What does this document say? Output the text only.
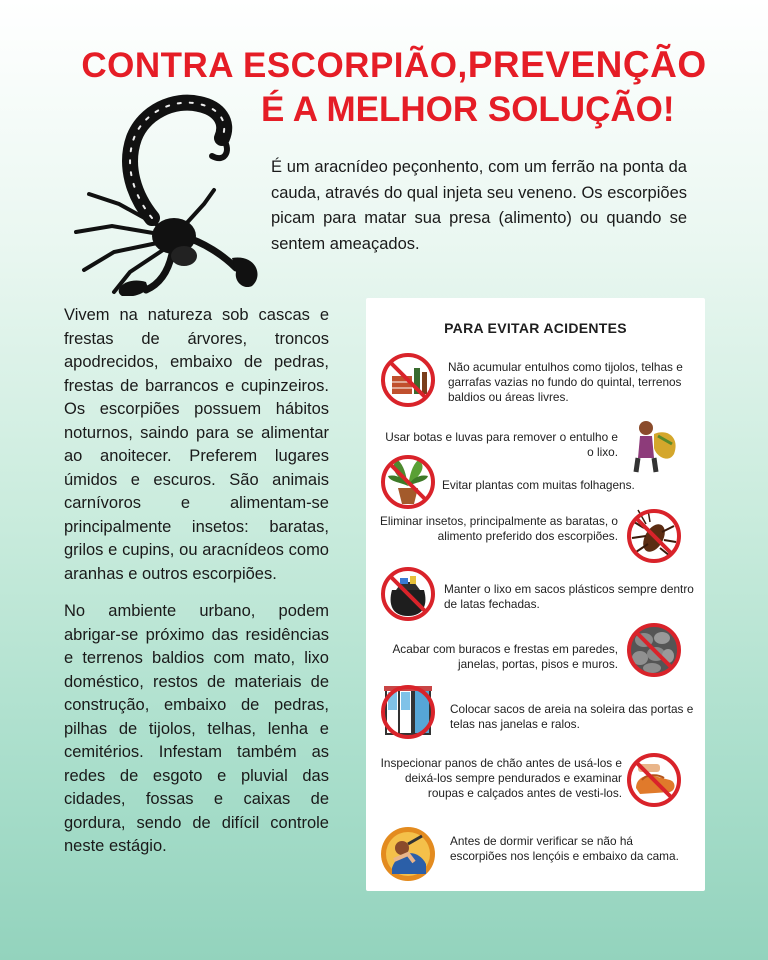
CONTRA ESCORPIÃO,PREVENÇÃO
É A MELHOR SOLUÇÃO!
É um aracnídeo peçonhento, com um ferrão na ponta da cauda, através do qual injeta seu veneno. Os escorpiões picam para matar sua presa (alimento) ou quando se sentem ameaçados.

Vivem na natureza sob cascas e frestas de árvores, troncos apodrecidos, embaixo de pedras, frestas de barrancos e cupinzeiros. Os escorpiões possuem hábitos noturnos, saindo para se alimentar ao anoitecer. Preferem lugares úmidos e escuros. São animais carnívoros e alimentam-se principalmente insetos: baratas, grilos e cupins, ou aracnídeos como aranhas e outros escorpiões.

No ambiente urbano, podem abrigar-se próximo das residências e terrenos baldios com mato, lixo doméstico, restos de materiais de construção, embaixo de pedras, pilhas de tijolos, telhas, lenha e cemitérios. Infestam também as redes de esgoto e pluvial das cidades, fossas e caixas de gordura, sendo de difícil controle neste estágio.

PARA EVITAR ACIDENTES
Não acumular entulhos como tijolos, telhas e garrafas vazias no fundo do quintal, terrenos baldios ou áreas livres.
Usar botas e luvas para remover o entulho e o lixo.
Evitar plantas com muitas folhagens.
Eliminar insetos, principalmente as baratas, o alimento preferido dos escorpiões.
Manter o lixo em sacos plásticos sempre dentro de latas fechadas.
Acabar com buracos e frestas em paredes, janelas, portas, pisos e muros.
Colocar sacos de areia na soleira das portas e telas nas janelas e ralos.
Inspecionar panos de chão antes de usá-los e deixá-los sempre pendurados e examinar roupas e calçados antes de vesti-los.
Antes de dormir verificar se não há escorpiões nos lençóis e embaixo da cama.
